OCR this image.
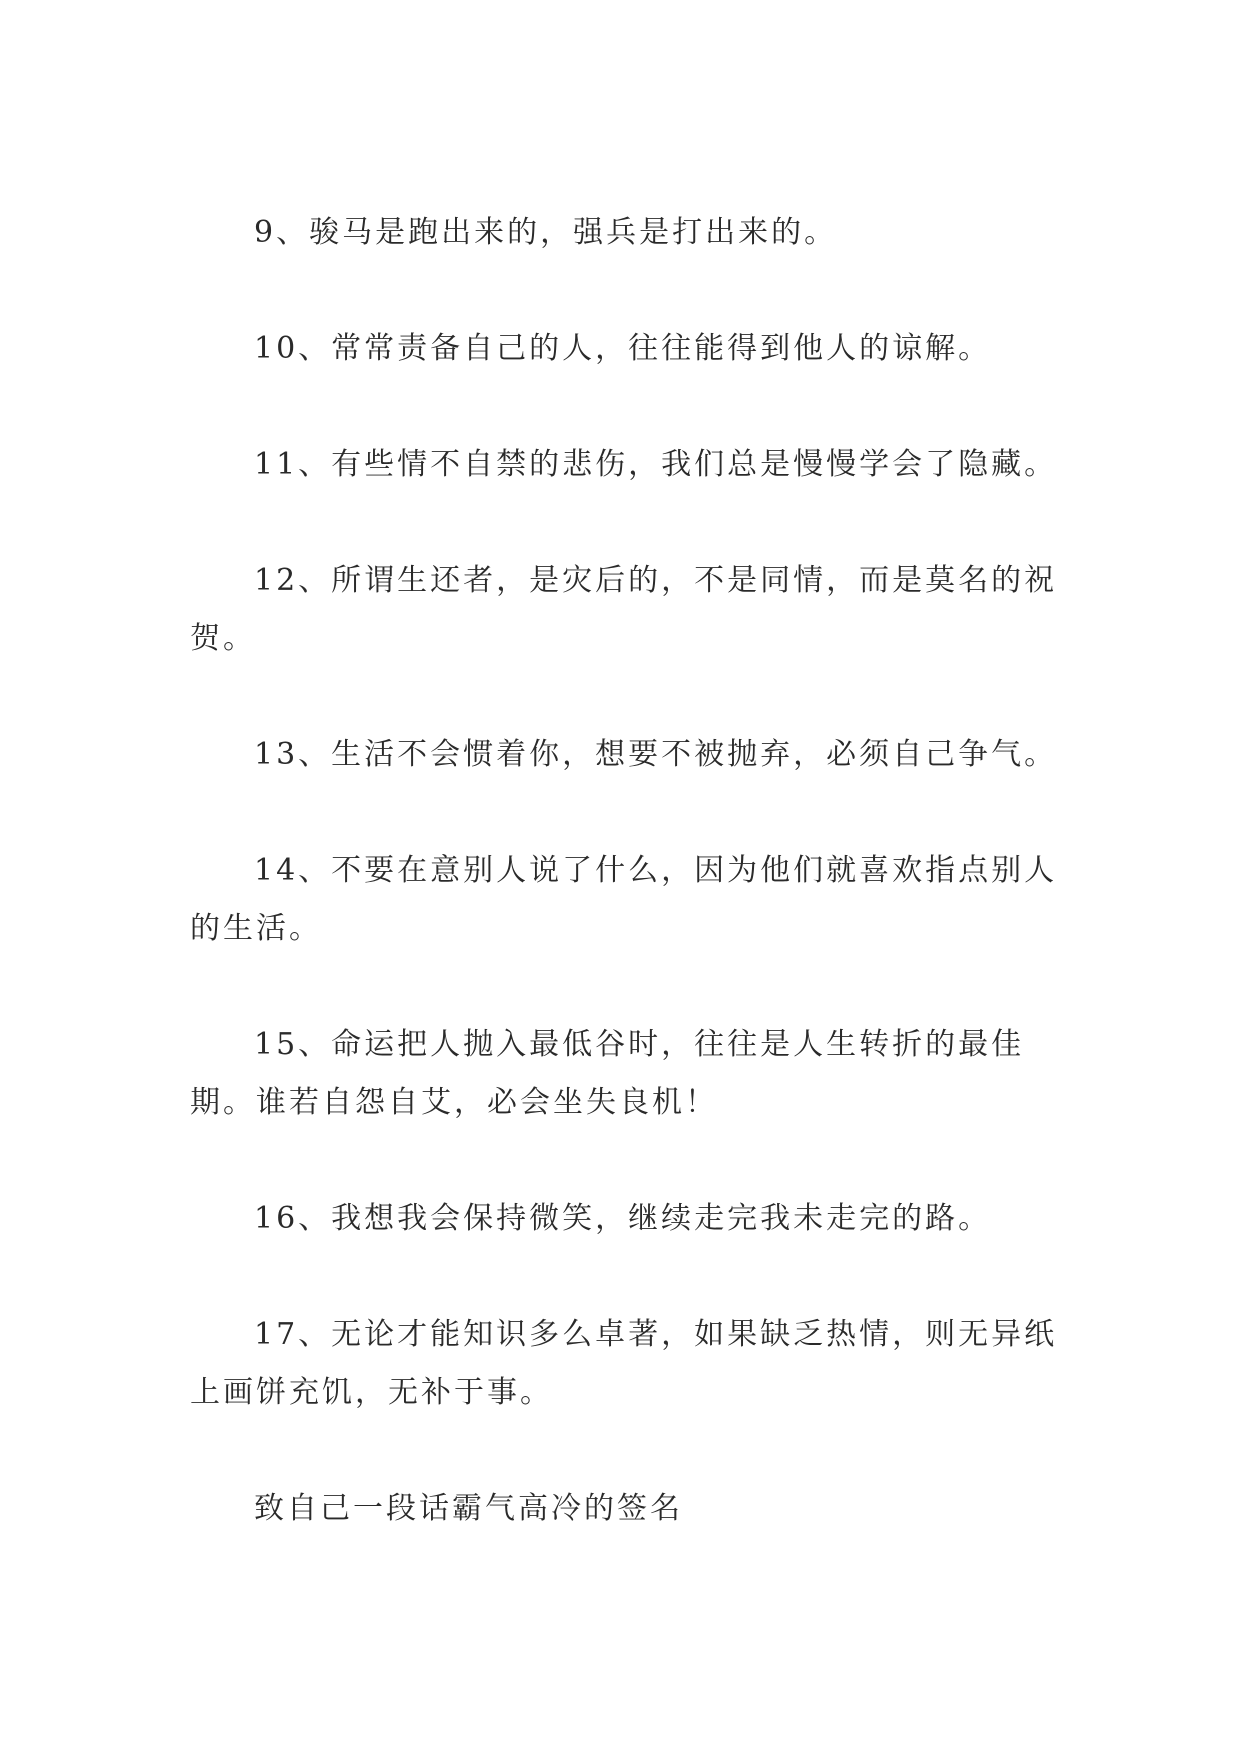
9、骏马是跑出来的，强兵是打出来的。

10、常常责备自己的人，往往能得到他人的谅解。

11、有些情不自禁的悲伤，我们总是慢慢学会了隐藏。

12、所谓生还者，是灾后的，不是同情，而是莫名的祝贺。

13、生活不会惯着你，想要不被抛弃，必须自己争气。

14、不要在意别人说了什么，因为他们就喜欢指点别人的生活。

15、命运把人抛入最低谷时，往往是人生转折的最佳期。谁若自怨自艾，必会坐失良机！

16、我想我会保持微笑，继续走完我未走完的路。

17、无论才能知识多么卓著，如果缺乏热情，则无异纸上画饼充饥，无补于事。

致自己一段话霸气高冷的签名
